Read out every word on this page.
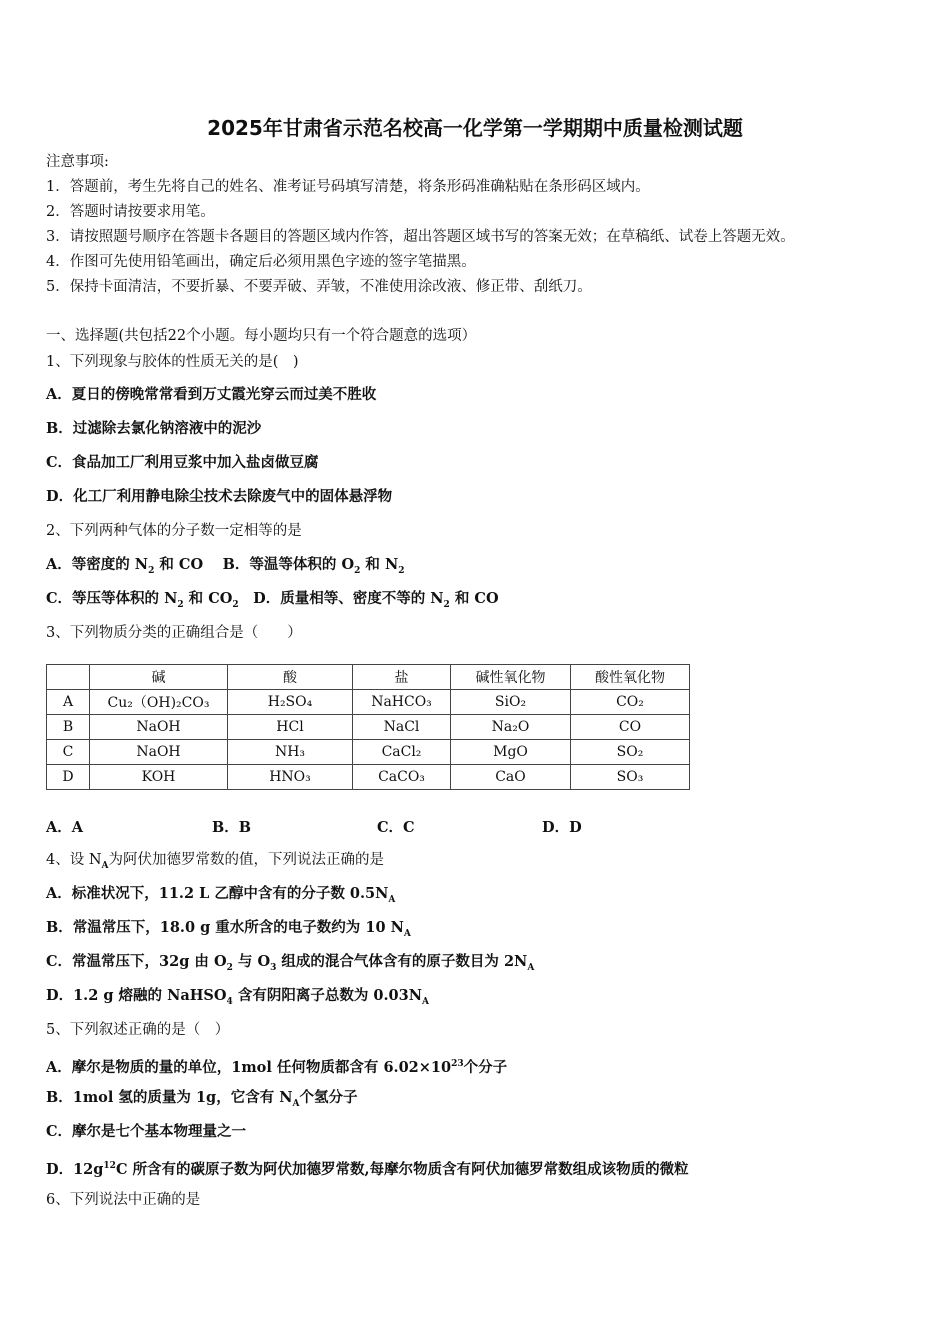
2025年甘肃省示范名校高一化学第一学期期中质量检测试题
注意事项:
1．答题前，考生先将自己的姓名、准考证号码填写清楚，将条形码准确粘贴在条形码区域内。
2．答题时请按要求用笔。
3．请按照题号顺序在答题卡各题目的答题区域内作答，超出答题区域书写的答案无效；在草稿纸、试卷上答题无效。
4．作图可先使用铅笔画出，确定后必须用黑色字迹的签字笔描黑。
5．保持卡面清洁，不要折暴、不要弄破、弄皱，不准使用涂改液、修正带、刮纸刀。
一、选择题(共包括22个小题。每小题均只有一个符合题意的选项）
1、下列现象与胶体的性质无关的是(　)
A．夏日的傍晚常常看到万丈霞光穿云而过美不胜收
B．过滤除去氯化钠溶液中的泥沙
C．食品加工厂利用豆浆中加入盐卤做豆腐
D．化工厂利用静电除尘技术去除废气中的固体悬浮物
2、下列两种气体的分子数一定相等的是
A．等密度的 $N_2$ 和 CO　 B．等温等体积的 $O_2$ 和 $N_2$
C．等压等体积的 $N_2$ 和 $CO_2$　D．质量相等、密度不等的 $N_2$ 和 CO
3、下列物质分类的正确组合是（　　）
	碱	酸	盐	碱性氧化物	酸性氧化物
A	Cu₂（OH)₂CO₃	H₂SO₄	NaHCO₃	SiO₂	CO₂
B	NaOH	HCl	NaCl	Na₂O	CO
C	NaOH	NH₃	CaCl₂	MgO	SO₂
D	KOH	HNO₃	CaCO₃	CaO	SO₃
A．A	B．B	C．C	D．D
4、设 $N_A$为阿伏加德罗常数的值，下列说法正确的是
A．标准状况下，11.2 L 乙醇中含有的分子数 $0.5N_A$
B．常温常压下，18.0 g 重水所含的电子数约为 10 $N_A$
C．常温常压下，32g 由 $O_2$ 与 $O_3$ 组成的混合气体含有的原子数目为 $2N_A$
D．1.2 g 熔融的 NaHSO$_4$ 含有阴阳离子总数为 $0.03N_A$
5、下列叙述正确的是（　）
A．摩尔是物质的量的单位，1mol 任何物质都含有 $6.02\times 10^{23}$个分子
B．1mol 氢的质量为 1g，它含有 $N_A$个氢分子
C．摩尔是七个基本物理量之一
D．$12g^{12}C$ 所含有的碳原子数为阿伏加德罗常数,每摩尔物质含有阿伏加德罗常数组成该物质的微粒
6、下列说法中正确的是
